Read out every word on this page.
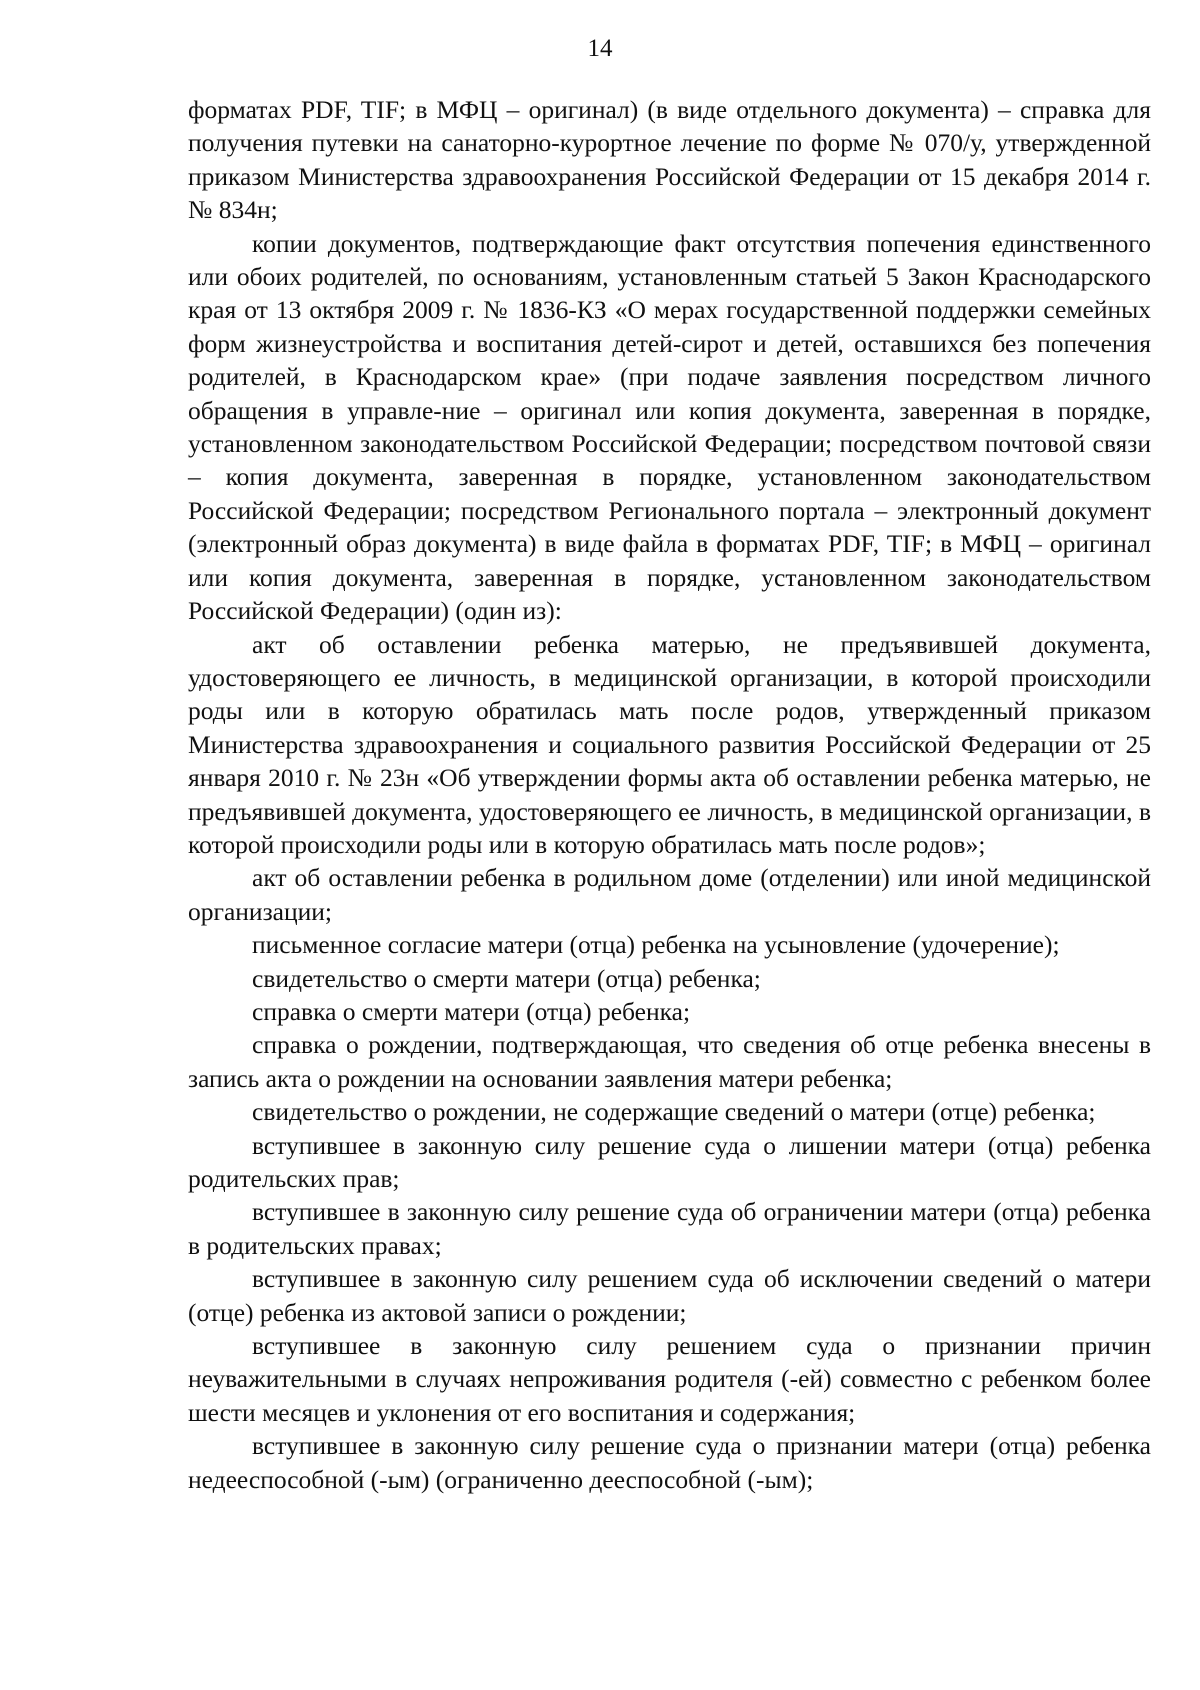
14

форматах PDF, TIF; в МФЦ – оригинал) (в виде отдельного документа) – справка для получения путевки на санаторно-курортное лечение по форме № 070/у, утвержденной приказом Министерства здравоохранения Российской Федерации от 15 декабря 2014 г. № 834н;

копии документов, подтверждающие факт отсутствия попечения единственного или обоих родителей, по основаниям, установленным статьей 5 Закон Краснодарского края от 13 октября 2009 г. № 1836-КЗ «О мерах государственной поддержки семейных форм жизнеустройства и воспитания детей-сирот и детей, оставшихся без попечения родителей, в Краснодарском крае» (при подаче заявления посредством личного обращения в управле-ние – оригинал или копия документа, заверенная в порядке, установленном законодательством Российской Федерации; посредством почтовой связи – копия документа, заверенная в порядке, установленном законодательством Российской Федерации; посредством Регионального портала – электронный документ (электронный образ документа) в виде файла в форматах PDF, TIF; в МФЦ – оригинал или копия документа, заверенная в порядке, установленном законодательством Российской Федерации) (один из):

акт об оставлении ребенка матерью, не предъявившей документа, удостоверяющего ее личность, в медицинской организации, в которой происходили роды или в которую обратилась мать после родов, утвержденный приказом Министерства здравоохранения и социального развития Российской Федерации от 25 января 2010 г. № 23н «Об утверждении формы акта об оставлении ребенка матерью, не предъявившей документа, удостоверяющего ее личность, в медицинской организации, в которой происходили роды или в которую обратилась мать после родов»;

акт об оставлении ребенка в родильном доме (отделении) или иной медицинской организации;

письменное согласие матери (отца) ребенка на усыновление (удочерение);

свидетельство о смерти матери (отца) ребенка;

справка о смерти матери (отца) ребенка;

справка о рождении, подтверждающая, что сведения об отце ребенка внесены в запись акта о рождении на основании заявления матери ребенка;

свидетельство о рождении, не содержащие сведений о матери (отце) ребенка;

вступившее в законную силу решение суда о лишении матери (отца) ребенка родительских прав;

вступившее в законную силу решение суда об ограничении матери (отца) ребенка в родительских правах;

вступившее в законную силу решением суда об исключении сведений о матери (отце) ребенка из актовой записи о рождении;

вступившее в законную силу решением суда о признании причин неуважительными в случаях непроживания родителя (-ей) совместно с ребенком более шести месяцев и уклонения от его воспитания и содержания;

вступившее в законную силу решение суда о признании матери (отца) ребенка недееспособной (-ым) (ограниченно дееспособной (-ым);
